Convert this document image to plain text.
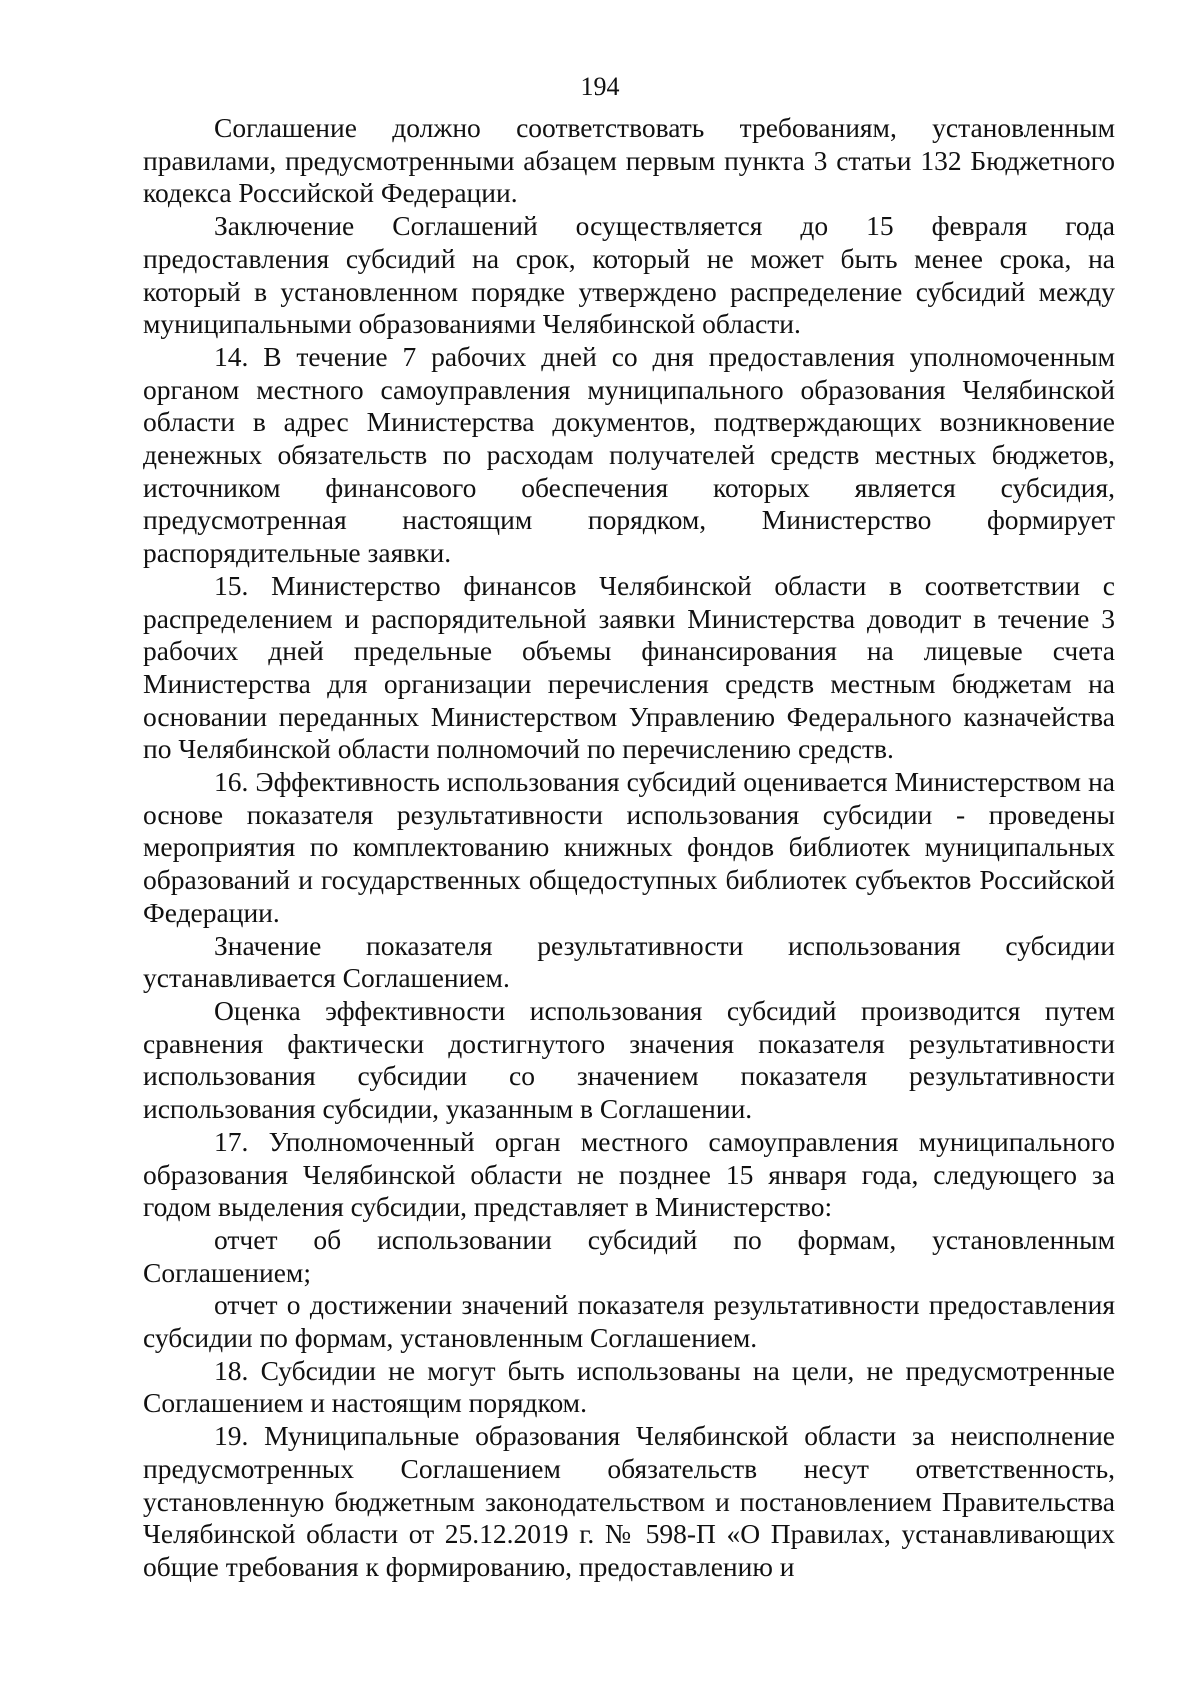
194

Соглашение должно соответствовать требованиям, установленным правилами, предусмотренными абзацем первым пункта 3 статьи 132 Бюджетного кодекса Российской Федерации.

Заключение Соглашений осуществляется до 15 февраля года предоставления субсидий на срок, который не может быть менее срока, на который в установленном порядке утверждено распределение субсидий между муниципальными образованиями Челябинской области.

14. В течение 7 рабочих дней со дня предоставления уполномоченным органом местного самоуправления муниципального образования Челябинской области в адрес Министерства документов, подтверждающих возникновение денежных обязательств по расходам получателей средств местных бюджетов, источником финансового обеспечения которых является субсидия, предусмотренная настоящим порядком, Министерство формирует распорядительные заявки.

15. Министерство финансов Челябинской области в соответствии с распределением и распорядительной заявки Министерства доводит в течение 3 рабочих дней предельные объемы финансирования на лицевые счета Министерства для организации перечисления средств местным бюджетам на основании переданных Министерством Управлению Федерального казначейства по Челябинской области полномочий по перечислению средств.

16. Эффективность использования субсидий оценивается Министерством на основе показателя результативности использования субсидии - проведены мероприятия по комплектованию книжных фондов библиотек муниципальных образований и государственных общедоступных библиотек субъектов Российской Федерации.

Значение показателя результативности использования субсидии устанавливается Соглашением.

Оценка эффективности использования субсидий производится путем сравнения фактически достигнутого значения показателя результативности использования субсидии со значением показателя результативности использования субсидии, указанным в Соглашении.

17. Уполномоченный орган местного самоуправления муниципального образования Челябинской области не позднее 15 января года, следующего за годом выделения субсидии, представляет в Министерство:

отчет об использовании субсидий по формам, установленным Соглашением;

отчет о достижении значений показателя результативности предоставления субсидии по формам, установленным Соглашением.

18. Субсидии не могут быть использованы на цели, не предусмотренные Соглашением и настоящим порядком.

19. Муниципальные образования Челябинской области за неисполнение предусмотренных Соглашением обязательств несут ответственность, установленную бюджетным законодательством и постановлением Правительства Челябинской области от 25.12.2019 г. № 598-П «О Правилах, устанавливающих общие требования к формированию, предоставлению и
